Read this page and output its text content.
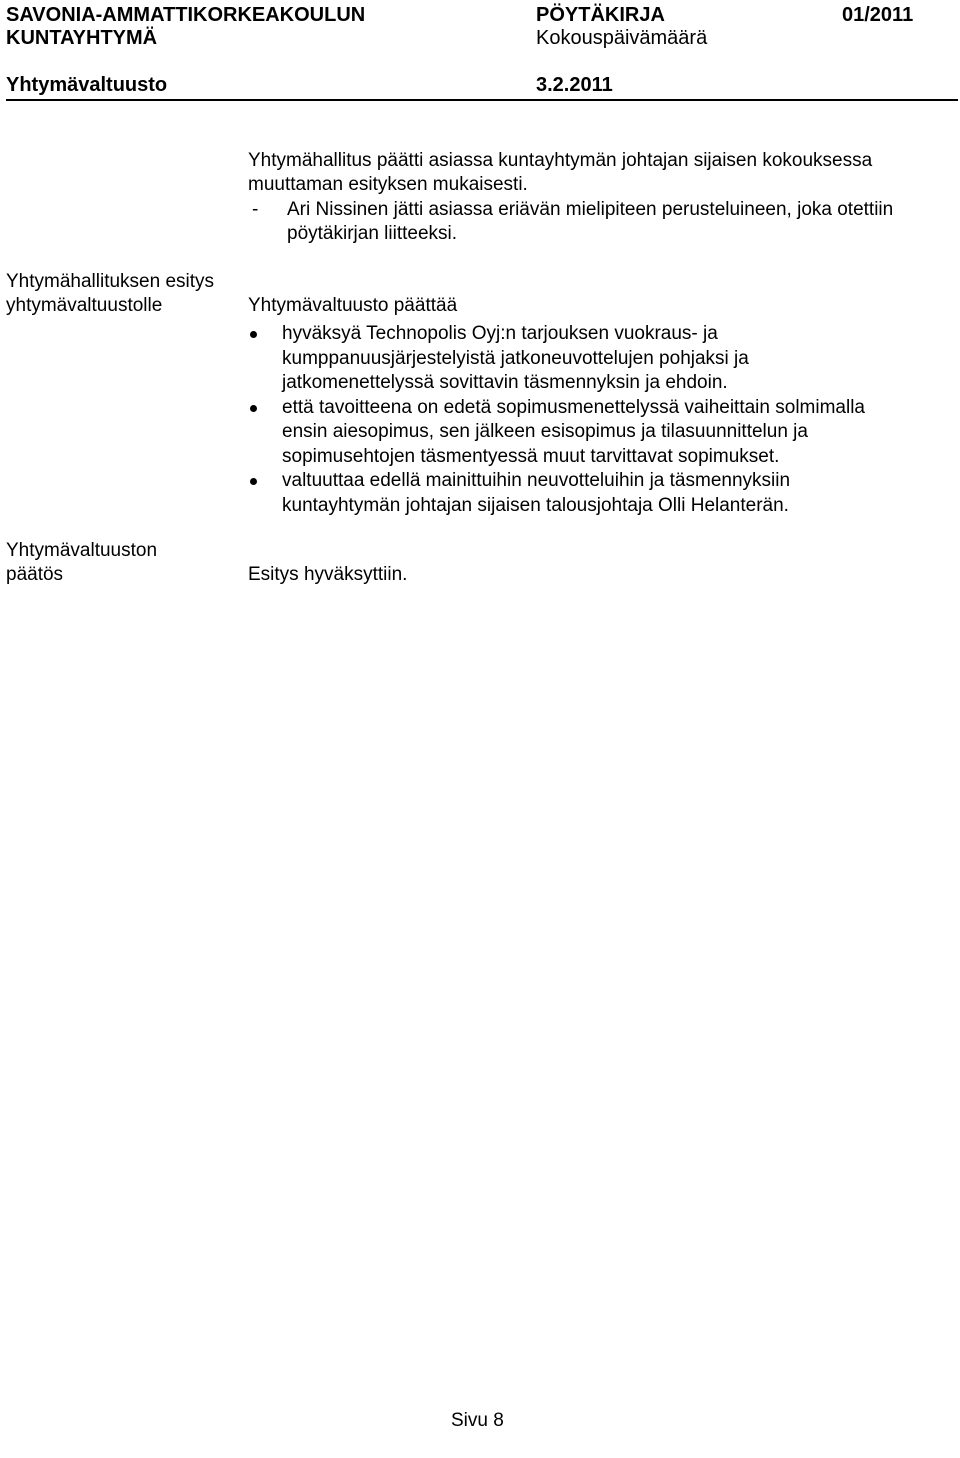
SAVONIA-AMMATTIKORKEAKOULUN
KUNTAYHTYMÄ
PÖYTÄKIRJA
Kokouspäivämäärä
01/2011
Yhtymävaltuusto	3.2.2011
Yhtymähallitus päätti asiassa kuntayhtymän johtajan sijaisen kokouksessa
muuttaman esityksen mukaisesti.
- Ari Nissinen jätti asiassa eriävän mielipiteen perusteluineen, joka otettiin
pöytäkirjan liitteeksi.
Yhtymähallituksen esitys
yhtymävaltuustolle	Yhtymävaltuusto päättää
hyväksyä Technopolis Oyj:n tarjouksen vuokraus- ja
kumppanuusjärjestelyistä jatkoneuvottelujen pohjaksi ja
jatkomenettelyssä sovittavin täsmennyksin ja ehdoin.
että tavoitteena on edetä sopimusmenettelyssä vaiheittain solmimalla
ensin aiesopimus, sen jälkeen esisopimus ja tilasuunnittelun ja
sopimusehtojen täsmentyessä muut tarvittavat sopimukset.
valtuuttaa edellä mainittuihin neuvotteluihin ja täsmennyksiin
kuntayhtymän johtajan sijaisen talousjohtaja Olli Helanterän.
Yhtymävaltuuston
päätös	Esitys hyväksyttiin.
Sivu 8
